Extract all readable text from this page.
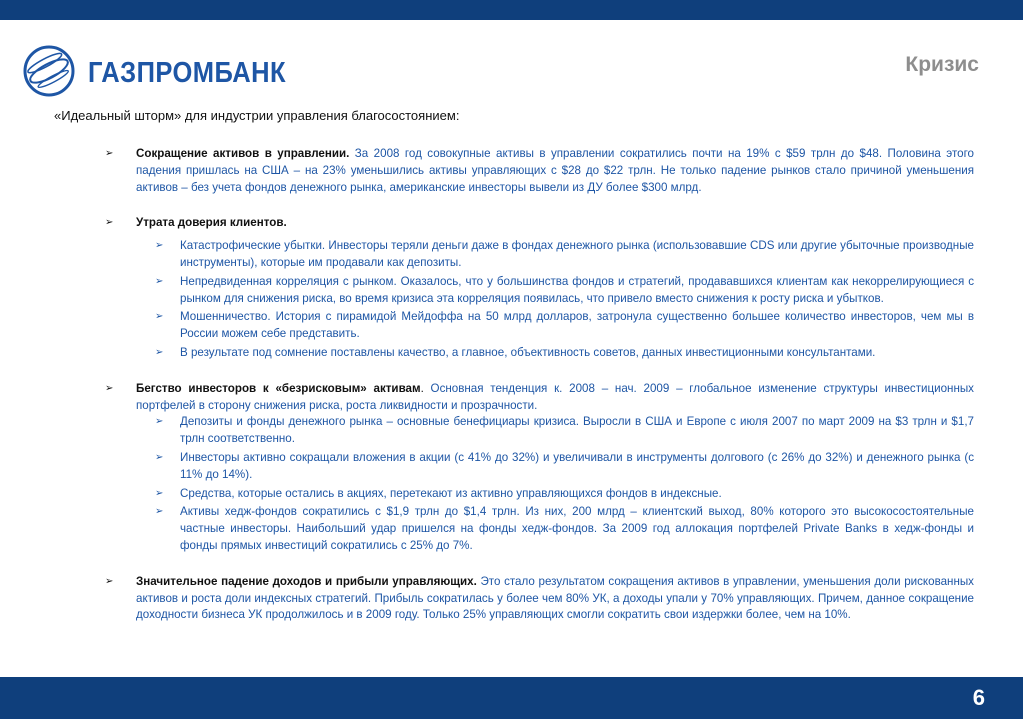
ГАЗПРОМБАНК	Кризис
«Идеальный шторм» для индустрии управления благосостоянием:
➢ Сокращение активов в управлении. За 2008 год совокупные активы в управлении сократились почти на 19% с $59 трлн до $48. Половина этого падения пришлась на США – на 23% уменьшились активы управляющих с $28 до $22 трлн. Не только падение рынков стало причиной уменьшения активов – без учета фондов денежного рынка, американские инвесторы вывели из ДУ более $300 млрд.
➢ Утрата доверия клиентов.
➢ Катастрофические убытки. Инвесторы теряли деньги даже в фондах денежного рынка (использовавшие CDS или другие убыточные производные инструменты), которые им продавали как депозиты.
➢ Непредвиденная корреляция с рынком. Оказалось, что у большинства фондов и стратегий, продававшихся клиентам как некоррелирующиеся с рынком для снижения риска, во время кризиса эта корреляция появилась, что привело вместо снижения к росту риска и убытков.
➢ Мошенничество. История с пирамидой Мейдоффа на 50 млрд долларов, затронула существенно большее количество инвесторов, чем мы в России можем себе представить.
➢ В результате под сомнение поставлены качество, а главное, объективность советов, данных инвестиционными консультантами.
➢ Бегство инвесторов к «безрисковым» активам. Основная тенденция к. 2008 – нач. 2009 – глобальное изменение структуры инвестиционных портфелей в сторону снижения риска, роста ликвидности и прозрачности.
➢ Депозиты и фонды денежного рынка – основные бенефициары кризиса. Выросли в США и Европе с июля 2007 по март 2009 на $3 трлн и $1,7 трлн соответственно.
➢ Инвесторы активно сокращали вложения в акции (с 41% до 32%) и увеличивали в инструменты долгового (с 26% до 32%) и денежного рынка (с 11% до 14%).
➢ Средства, которые остались в акциях, перетекают из активно управляющихся фондов в индексные.
➢ Активы хедж-фондов сократились с $1,9 трлн до $1,4 трлн. Из них, 200 млрд – клиентский выход, 80% которого это высокосостоятельные частные инвесторы. Наибольший удар пришелся на фонды хедж-фондов. За 2009 год аллокация портфелей Private Banks в хедж-фонды и фонды прямых инвестиций сократились с 25% до 7%.
➢ Значительное падение доходов и прибыли управляющих. Это стало результатом сокращения активов в управлении, уменьшения доли рискованных активов и роста доли индексных стратегий. Прибыль сократилась у более чем 80% УК, а доходы упали у 70% управляющих. Причем, данное сокращение доходности бизнеса УК продолжилось и в 2009 году. Только 25% управляющих смогли сократить свои издержки более, чем на 10%.
6
